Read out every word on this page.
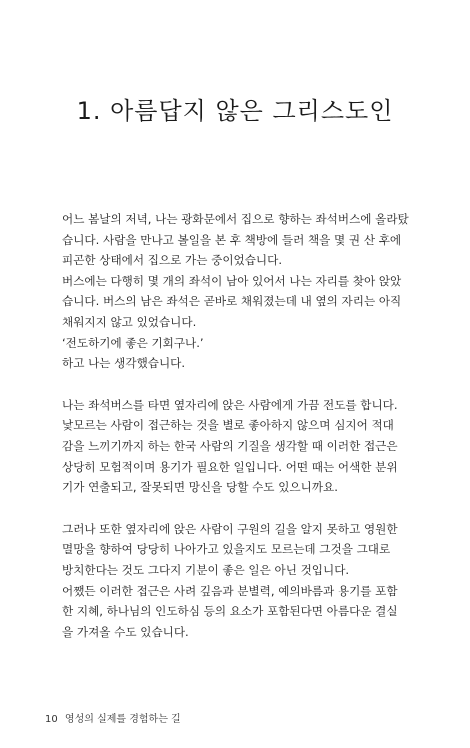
1. 아름답지 않은 그리스도인

어느 봄날의 저녁, 나는 광화문에서 집으로 향하는 좌석버스에 올라탔
습니다. 사람을 만나고 볼일을 본 후 책방에 들러 책을 몇 권 산 후에
피곤한 상태에서 집으로 가는 중이었습니다.
버스에는 다행히 몇 개의 좌석이 남아 있어서 나는 자리를 찾아 앉았
습니다. 버스의 남은 좌석은 곧바로 채워졌는데 내 옆의 자리는 아직
채워지지 않고 있었습니다.
‘전도하기에 좋은 기회구나.’
하고 나는 생각했습니다.

나는 좌석버스를 타면 옆자리에 앉은 사람에게 가끔 전도를 합니다.
낯모르는 사람이 접근하는 것을 별로 좋아하지 않으며 심지어 적대
감을 느끼기까지 하는 한국 사람의 기질을 생각할 때 이러한 접근은
상당히 모험적이며 용기가 필요한 일입니다. 어떤 때는 어색한 분위
기가 연출되고, 잘못되면 망신을 당할 수도 있으니까요.

그러나 또한 옆자리에 앉은 사람이 구원의 길을 알지 못하고 영원한
멸망을 향하여 당당히 나아가고 있을지도 모르는데 그것을 그대로
방치한다는 것도 그다지 기분이 좋은 일은 아닌 것입니다.
어쨌든 이러한 접근은 사려 깊음과 분별력, 예의바름과 용기를 포함
한 지혜, 하나님의 인도하심 등의 요소가 포함된다면 아름다운 결실
을 가져올 수도 있습니다.

10 영성의 실제를 경험하는 길
